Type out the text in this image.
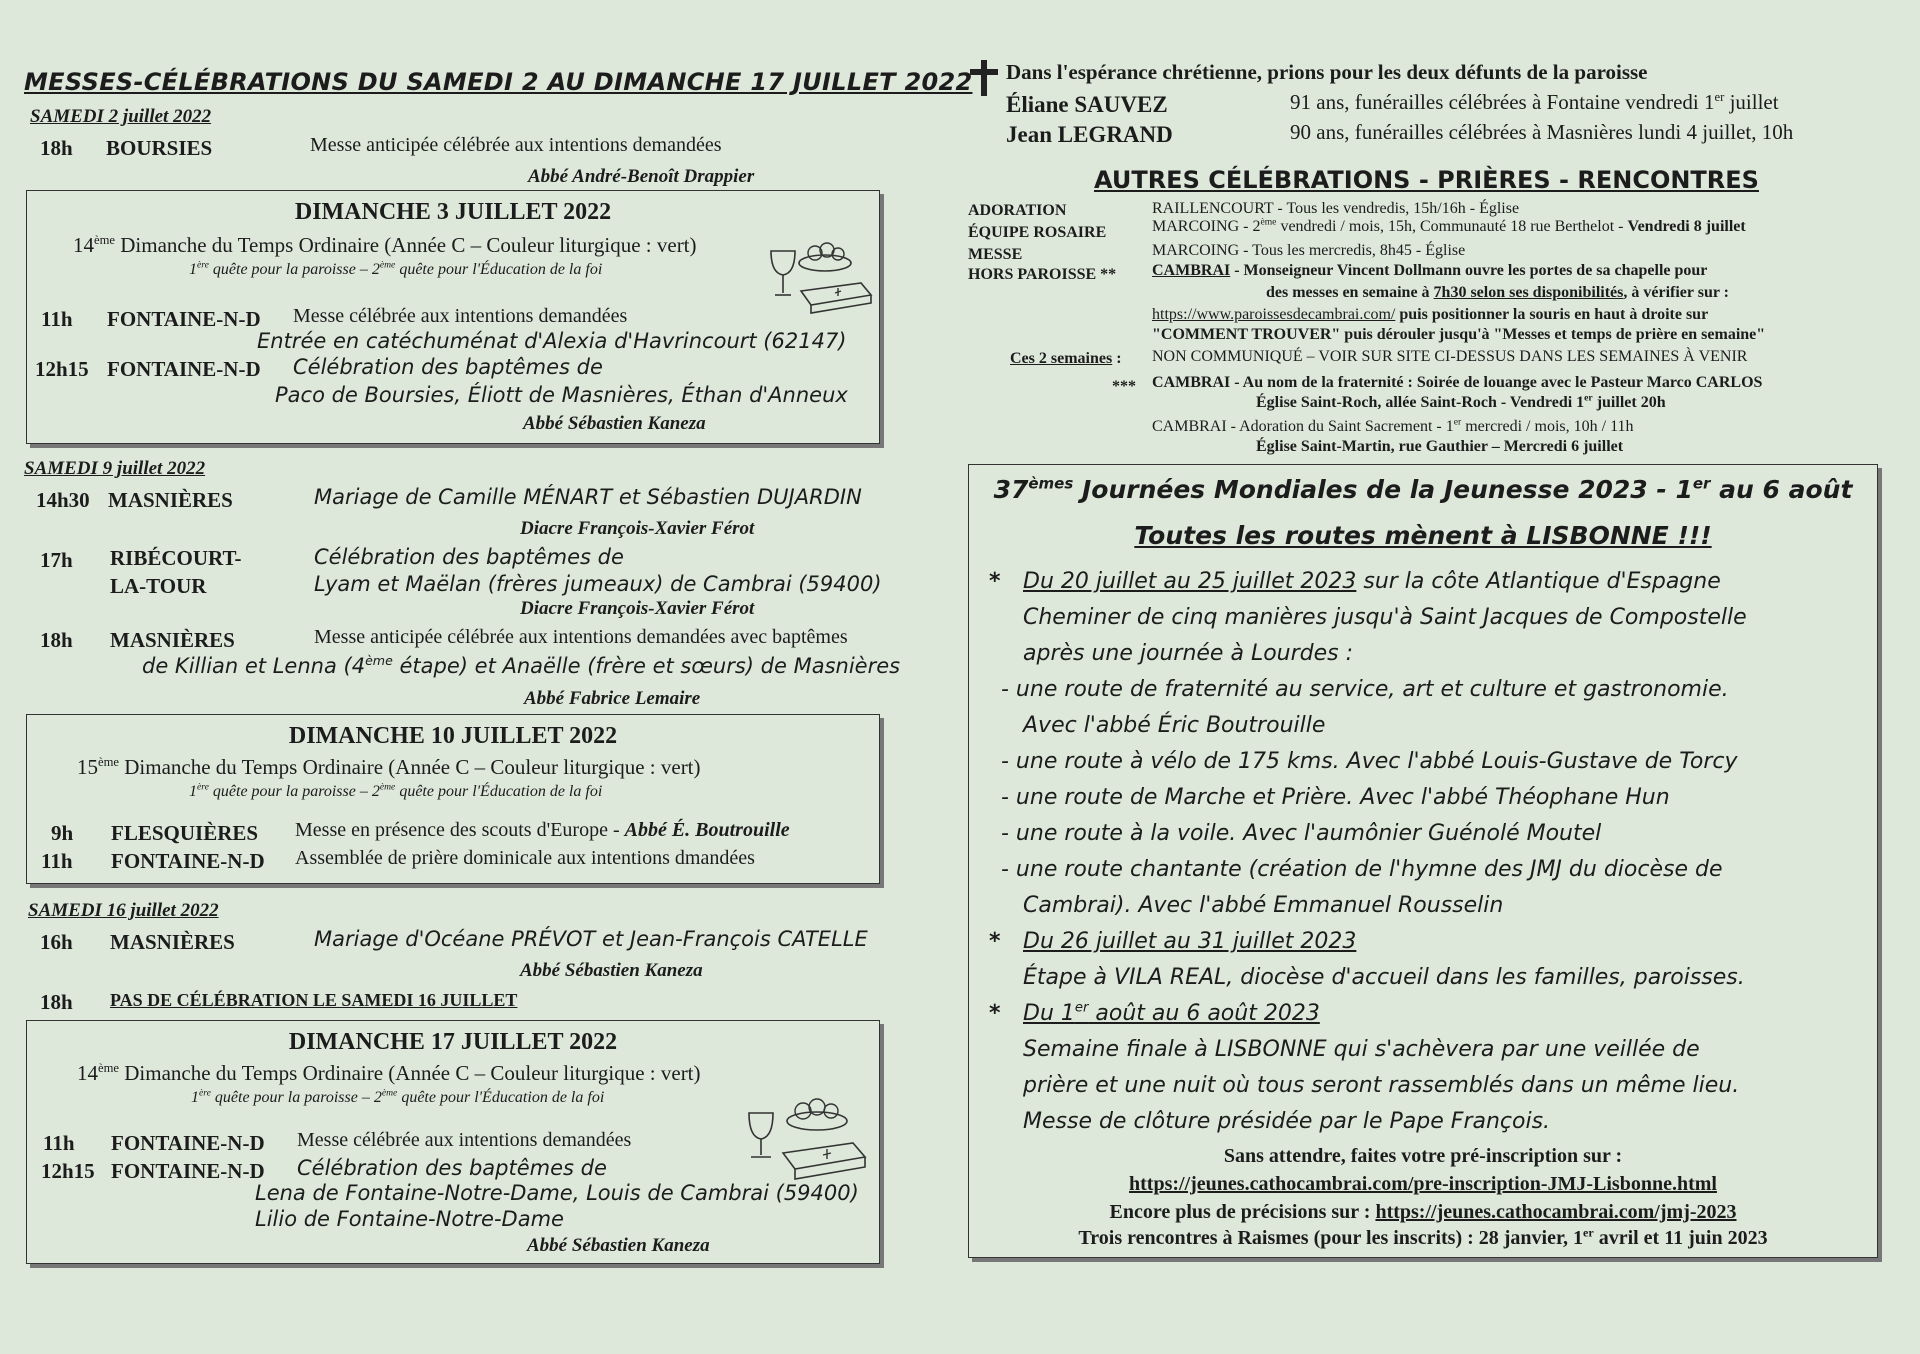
MESSES-CÉLÉBRATIONS DU SAMEDI 2 AU DIMANCHE 17 JUILLET 2022
SAMEDI 2 juillet 2022
18h BOURSIES	Messe anticipée célébrée aux intentions demandées
Abbé André-Benoît Drappier
DIMANCHE 3 JUILLET 2022
14ème Dimanche du Temps Ordinaire (Année C – Couleur liturgique : vert)
1ère quête pour la paroisse – 2ème quête pour l'Éducation de la foi
11h FONTAINE-N-D Messe célébrée aux intentions demandées
Entrée en catéchuménat d'Alexia d'Havrincourt (62147)
12h15 FONTAINE-N-D Célébration des baptêmes de
Paco de Boursies, Éliott de Masnières, Éthan d'Anneux
Abbé Sébastien Kaneza
SAMEDI 9 juillet 2022
14h30 MASNIÈRES	Mariage de Camille MÉNART et Sébastien DUJARDIN
Diacre François-Xavier Férot
17h RIBÉCOURT-
LA-TOUR
Célébration des baptêmes de
Lyam et Maëlan (frères jumeaux) de Cambrai (59400)
Diacre François-Xavier Férot
18h MASNIÈRES	Messe anticipée célébrée aux intentions demandées avec baptêmes
de Killian et Lenna (4ème étape) et Anaëlle (frère et sœurs) de Masnières
Abbé Fabrice Lemaire
DIMANCHE 10 JUILLET 2022
15ème Dimanche du Temps Ordinaire (Année C – Couleur liturgique : vert)
1ère quête pour la paroisse – 2ème quête pour l'Éducation de la foi
9h FLESQUIÈRES Messe en présence des scouts d'Europe - Abbé É. Boutrouille
11h FONTAINE-N-D Assemblée de prière dominicale aux intentions dmandées
SAMEDI 16 juillet 2022
16h MASNIÈRES	Mariage d'Océane PRÉVOT et Jean-François CATELLE
Abbé Sébastien Kaneza
18h PAS DE CÉLÉBRATION LE SAMEDI 16 JUILLET
DIMANCHE 17 JUILLET 2022
14ème Dimanche du Temps Ordinaire (Année C – Couleur liturgique : vert)
1ère quête pour la paroisse – 2ème quête pour l'Éducation de la foi
11h FONTAINE-N-D Messe célébrée aux intentions demandées
12h15 FONTAINE-N-D Célébration des baptêmes de
Lena de Fontaine-Notre-Dame, Louis de Cambrai (59400)
Lilio de Fontaine-Notre-Dame
Abbé Sébastien Kaneza
Dans l'espérance chrétienne, prions pour les deux défunts de la paroisse
Éliane SAUVEZ	91 ans, funérailles célébrées à Fontaine vendredi 1er juillet
Jean LEGRAND	90 ans, funérailles célébrées à Masnières lundi 4 juillet, 10h
AUTRES CÉLÉBRATIONS - PRIÈRES - RENCONTRES
ADORATION	RAILLENCOURT - Tous les vendredis, 15h/16h - Église
ÉQUIPE ROSAIRE	MARCOING - 2ème vendredi / mois, 15h, Communauté 18 rue Berthelot - Vendredi 8 juillet
MESSE	MARCOING - Tous les mercredis, 8h45 - Église
HORS PAROISSE ** CAMBRAI - Monseigneur Vincent Dollmann ouvre les portes de sa chapelle pour
des messes en semaine à 7h30 selon ses disponibilités, à vérifier sur :
https://www.paroissesdecambrai.com/ puis positionner la souris en haut à droite sur
"COMMENT TROUVER" puis dérouler jusqu'à "Messes et temps de prière en semaine"
Ces 2 semaines : NON COMMUNIQUÉ – VOIR SUR SITE CI-DESSUS DANS LES SEMAINES À VENIR
*** CAMBRAI - Au nom de la fraternité : Soirée de louange avec le Pasteur Marco CARLOS
Église Saint-Roch, allée Saint-Roch - Vendredi 1er juillet 20h
CAMBRAI - Adoration du Saint Sacrement - 1er mercredi / mois, 10h / 11h
Église Saint-Martin, rue Gauthier – Mercredi 6 juillet
37èmes Journées Mondiales de la Jeunesse 2023 - 1er au 6 août
Toutes les routes mènent à LISBONNE !!!
* Du 20 juillet au 25 juillet 2023 sur la côte Atlantique d'Espagne
Cheminer de cinq manières jusqu'à Saint Jacques de Compostelle
après une journée à Lourdes :
- une route de fraternité au service, art et culture et gastronomie.
Avec l'abbé Éric Boutrouille
- une route à vélo de 175 kms. Avec l'abbé Louis-Gustave de Torcy
- une route de Marche et Prière. Avec l'abbé Théophane Hun
- une route à la voile. Avec l'aumônier Guénolé Moutel
- une route chantante (création de l'hymne des JMJ du diocèse de
Cambrai). Avec l'abbé Emmanuel Rousselin
* Du 26 juillet au 31 juillet 2023
Étape à VILA REAL, diocèse d'accueil dans les familles, paroisses.
* Du 1er août au 6 août 2023
Semaine finale à LISBONNE qui s'achèvera par une veillée de
prière et une nuit où tous seront rassemblés dans un même lieu.
Messe de clôture présidée par le Pape François.
Sans attendre, faites votre pré-inscription sur :
https://jeunes.cathocambrai.com/pre-inscription-JMJ-Lisbonne.html
Encore plus de précisions sur : https://jeunes.cathocambrai.com/jmj-2023
Trois rencontres à Raismes (pour les inscrits) : 28 janvier, 1er avril et 11 juin 2023
